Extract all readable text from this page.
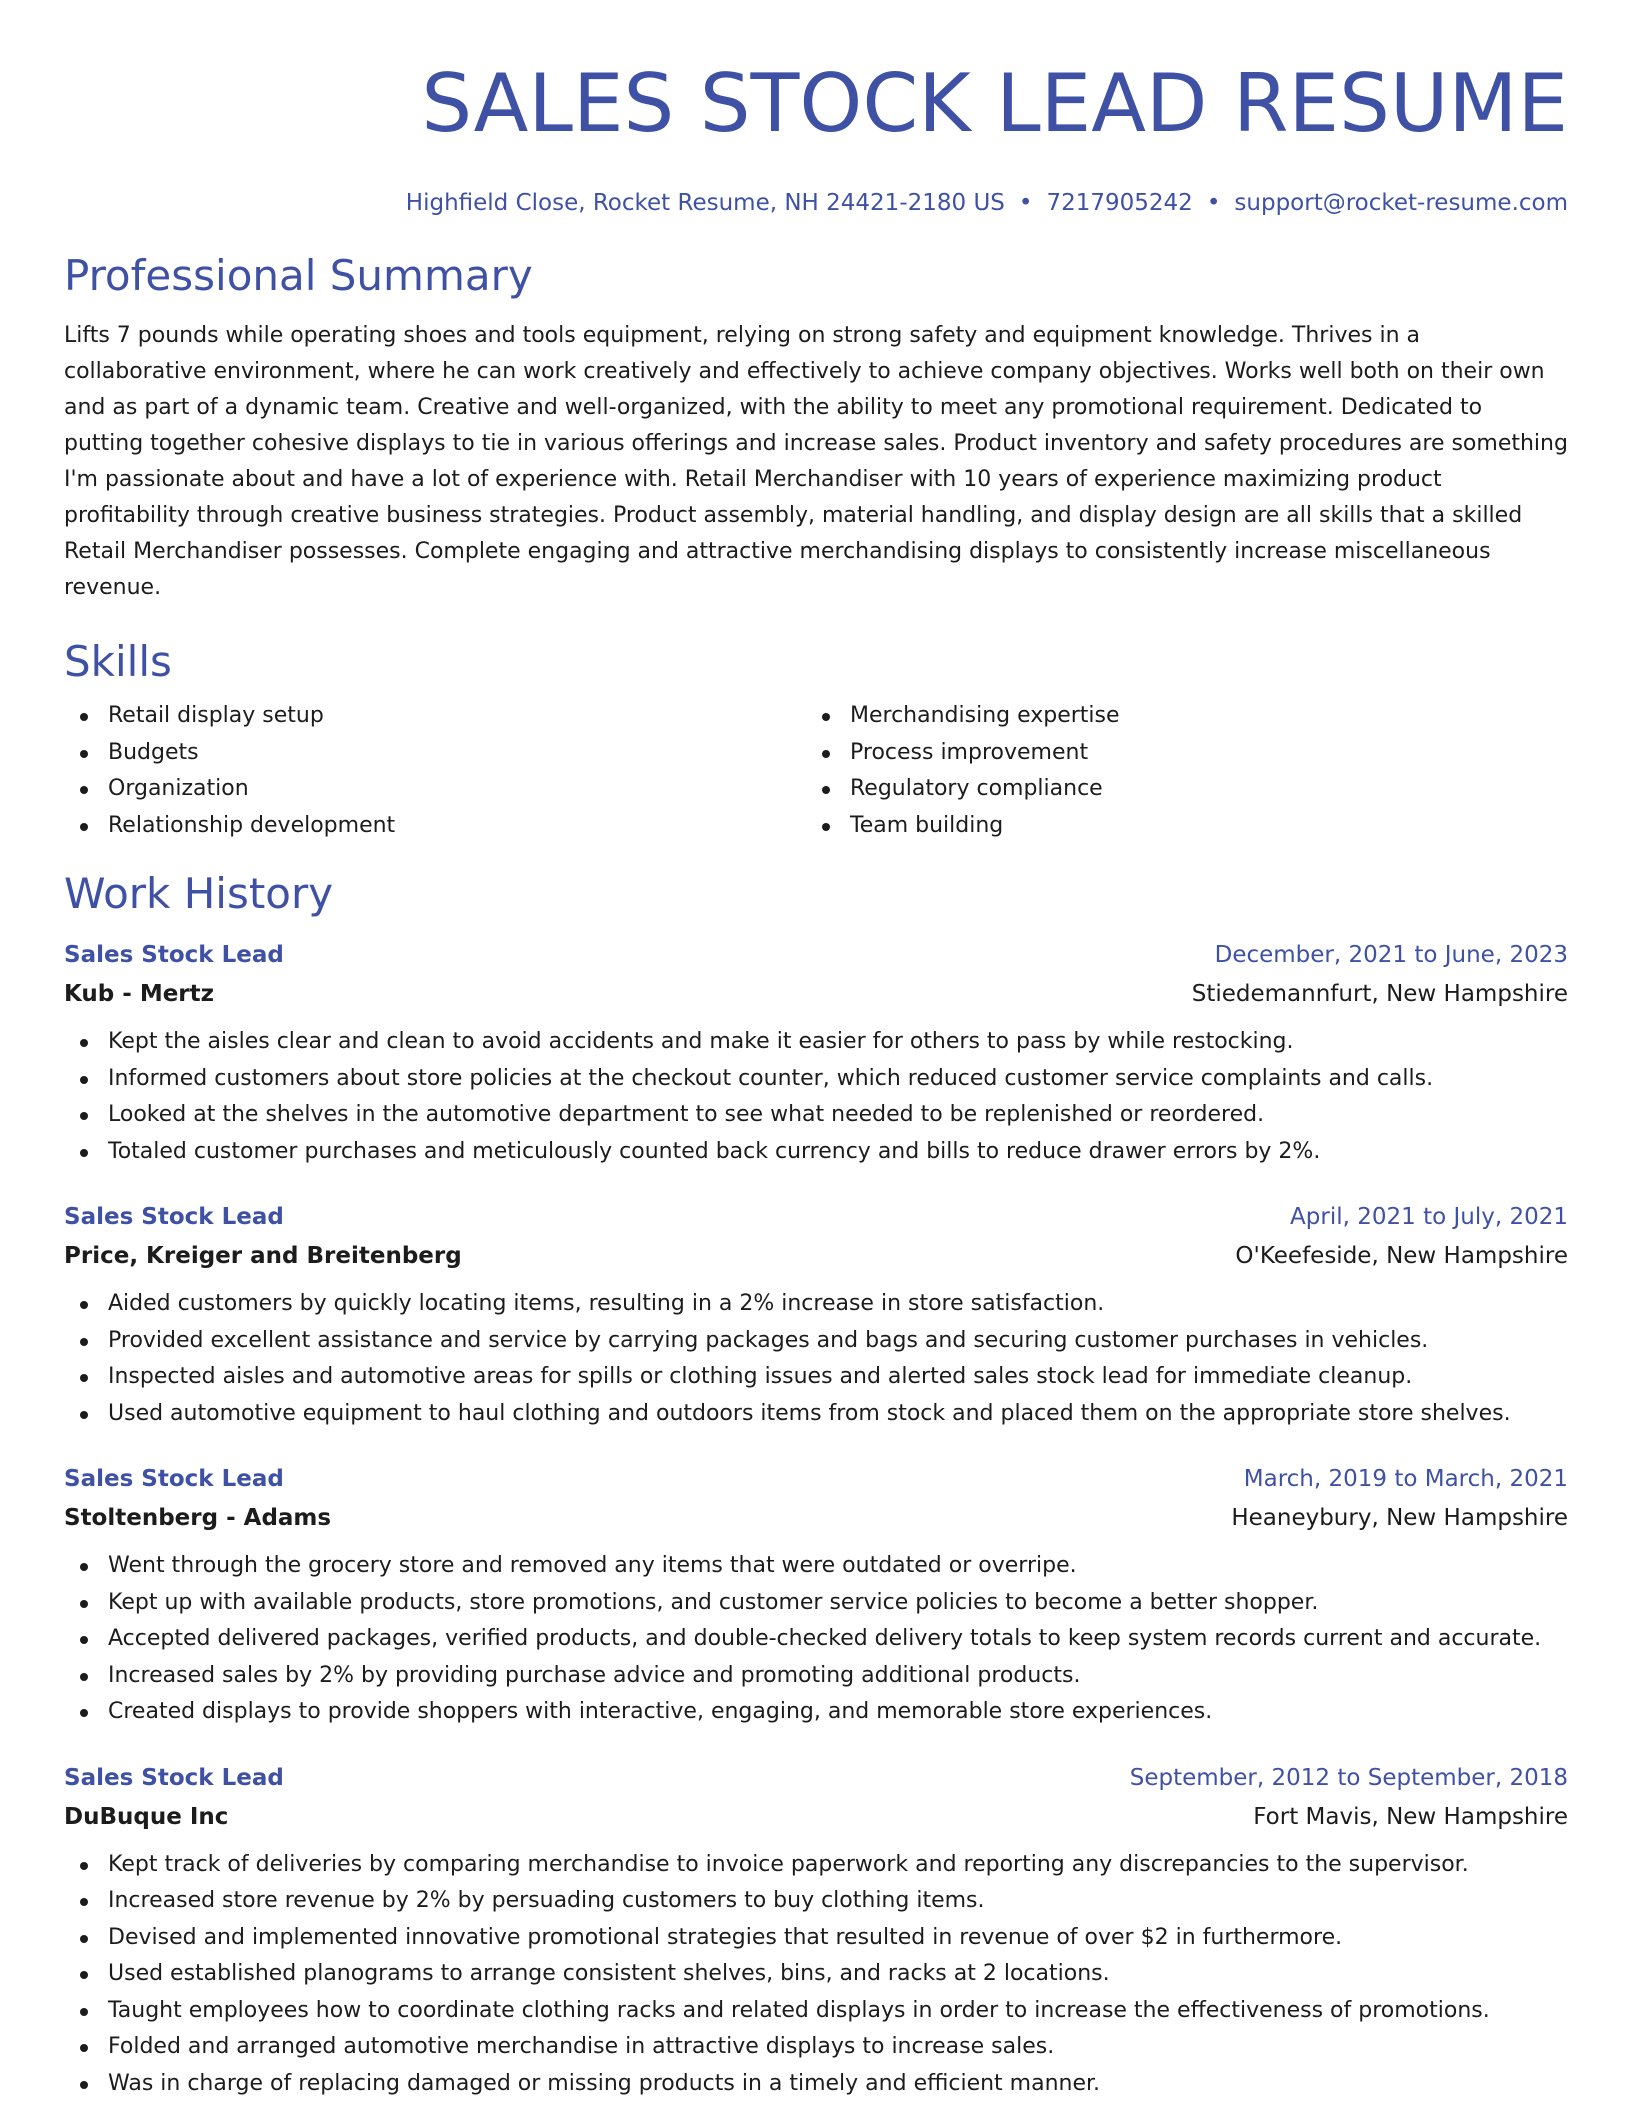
SALES STOCK LEAD RESUME
Highfield Close, Rocket Resume, NH 24421-2180 US • 7217905242 • support@rocket-resume.com
Professional Summary

Lifts 7 pounds while operating shoes and tools equipment, relying on strong safety and equipment knowledge. Thrives in a collaborative environment, where he can work creatively and effectively to achieve company objectives. Works well both on their own and as part of a dynamic team. Creative and well-organized, with the ability to meet any promotional requirement. Dedicated to putting together cohesive displays to tie in various offerings and increase sales. Product inventory and safety procedures are something I'm passionate about and have a lot of experience with. Retail Merchandiser with 10 years of experience maximizing product profitability through creative business strategies. Product assembly, material handling, and display design are all skills that a skilled Retail Merchandiser possesses. Complete engaging and attractive merchandising displays to consistently increase miscellaneous revenue.

Skills
Retail display setup
Budgets
Organization
Relationship development
Merchandising expertise
Process improvement
Regulatory compliance
Team building
Work History
Sales Stock Lead	December, 2021 to June, 2023
Kub - Mertz	Stiedemannfurt, New Hampshire
Kept the aisles clear and clean to avoid accidents and make it easier for others to pass by while restocking.
Informed customers about store policies at the checkout counter, which reduced customer service complaints and calls.
Looked at the shelves in the automotive department to see what needed to be replenished or reordered.
Totaled customer purchases and meticulously counted back currency and bills to reduce drawer errors by 2%.
Sales Stock Lead	April, 2021 to July, 2021
Price, Kreiger and Breitenberg	O'Keefeside, New Hampshire
Aided customers by quickly locating items, resulting in a 2% increase in store satisfaction.
Provided excellent assistance and service by carrying packages and bags and securing customer purchases in vehicles.
Inspected aisles and automotive areas for spills or clothing issues and alerted sales stock lead for immediate cleanup.
Used automotive equipment to haul clothing and outdoors items from stock and placed them on the appropriate store shelves.
Sales Stock Lead	March, 2019 to March, 2021
Stoltenberg - Adams	Heaneybury, New Hampshire
Went through the grocery store and removed any items that were outdated or overripe.
Kept up with available products, store promotions, and customer service policies to become a better shopper.
Accepted delivered packages, verified products, and double-checked delivery totals to keep system records current and accurate.
Increased sales by 2% by providing purchase advice and promoting additional products.
Created displays to provide shoppers with interactive, engaging, and memorable store experiences.
Sales Stock Lead	September, 2012 to September, 2018
DuBuque Inc	Fort Mavis, New Hampshire
Kept track of deliveries by comparing merchandise to invoice paperwork and reporting any discrepancies to the supervisor.
Increased store revenue by 2% by persuading customers to buy clothing items.
Devised and implemented innovative promotional strategies that resulted in revenue of over $2 in furthermore.
Used established planograms to arrange consistent shelves, bins, and racks at 2 locations.
Taught employees how to coordinate clothing racks and related displays in order to increase the effectiveness of promotions.
Folded and arranged automotive merchandise in attractive displays to increase sales.
Was in charge of replacing damaged or missing products in a timely and efficient manner.
